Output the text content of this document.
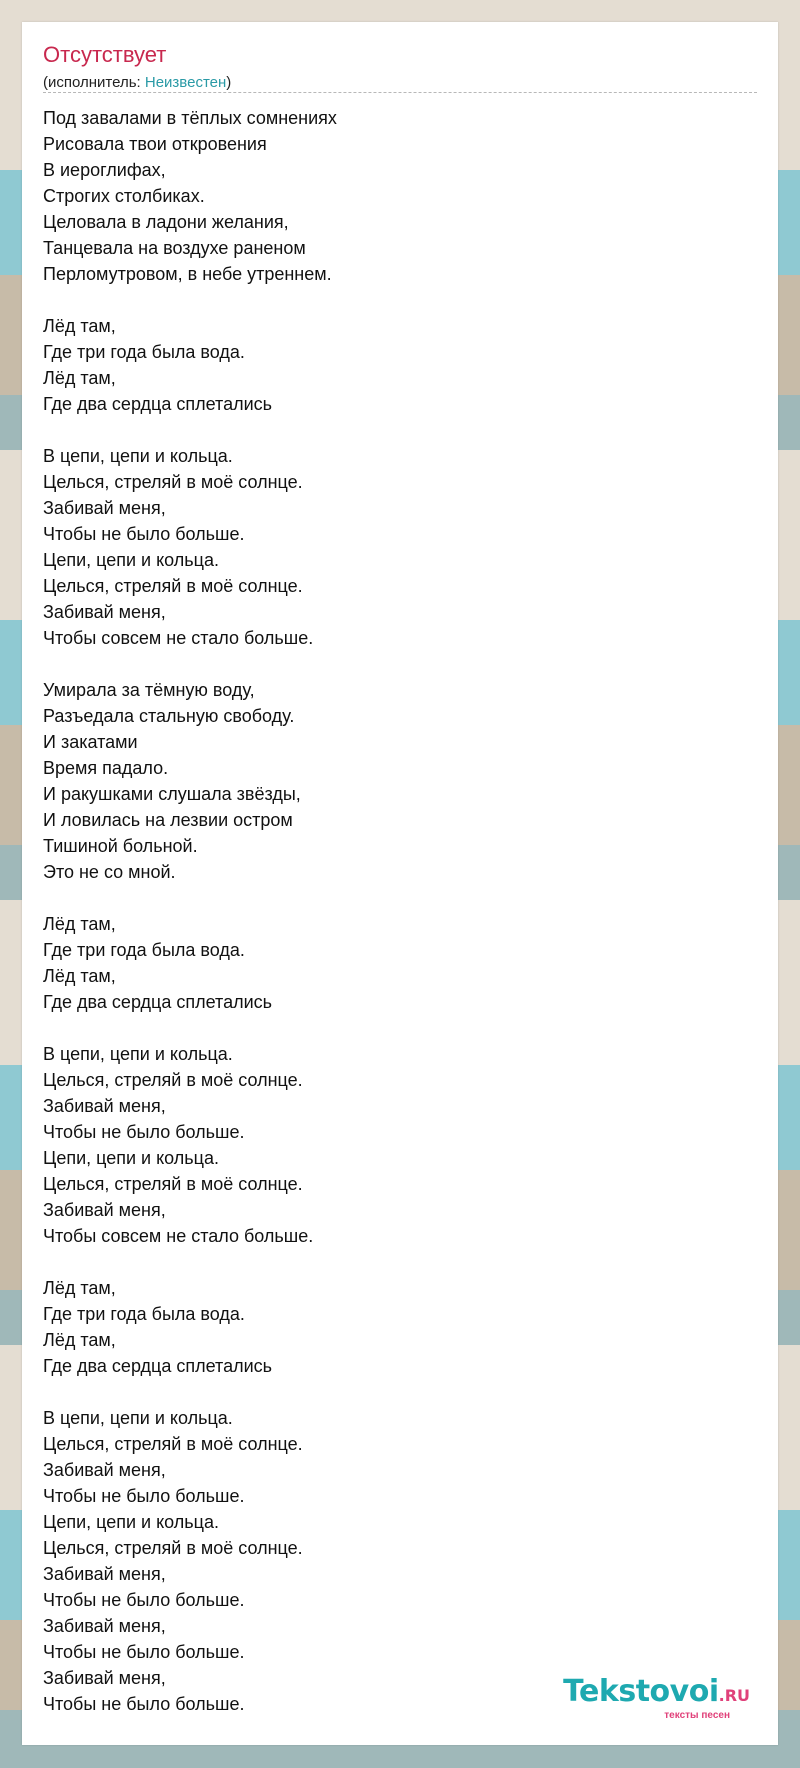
Отсутствует
(исполнитель: Неизвестен)
Под завалами в тёплых сомнениях
Рисовала твои откровения
В иероглифах,
Строгих столбиках.
Целовала в ладони желания,
Танцевала на воздухе раненом
Перломутровом, в небе утреннем.
Лёд там,
Где три года была вода.
Лёд там,
Где два сердца сплетались
В цепи, цепи и кольца.
Целься, стреляй в моё солнце.
Забивай меня,
Чтобы не было больше.
Цепи, цепи и кольца.
Целься, стреляй в моё солнце.
Забивай меня,
Чтобы совсем не стало больше.
Умирала за тёмную воду,
Разъедала стальную свободу.
И закатами
Время падало.
И ракушками слушала звёзды,
И ловилась на лезвии остром
Тишиной больной.
Это не со мной.
Лёд там,
Где три года была вода.
Лёд там,
Где два сердца сплетались
В цепи, цепи и кольца.
Целься, стреляй в моё солнце.
Забивай меня,
Чтобы не было больше.
Цепи, цепи и кольца.
Целься, стреляй в моё солнце.
Забивай меня,
Чтобы совсем не стало больше.
Лёд там,
Где три года была вода.
Лёд там,
Где два сердца сплетались
В цепи, цепи и кольца.
Целься, стреляй в моё солнце.
Забивай меня,
Чтобы не было больше.
Цепи, цепи и кольца.
Целься, стреляй в моё солнце.
Забивай меня,
Чтобы не было больше.
Забивай меня,
Чтобы не было больше.
Забивай меня,
Чтобы не было больше.	Tekstovoi.RU
тексты песен
